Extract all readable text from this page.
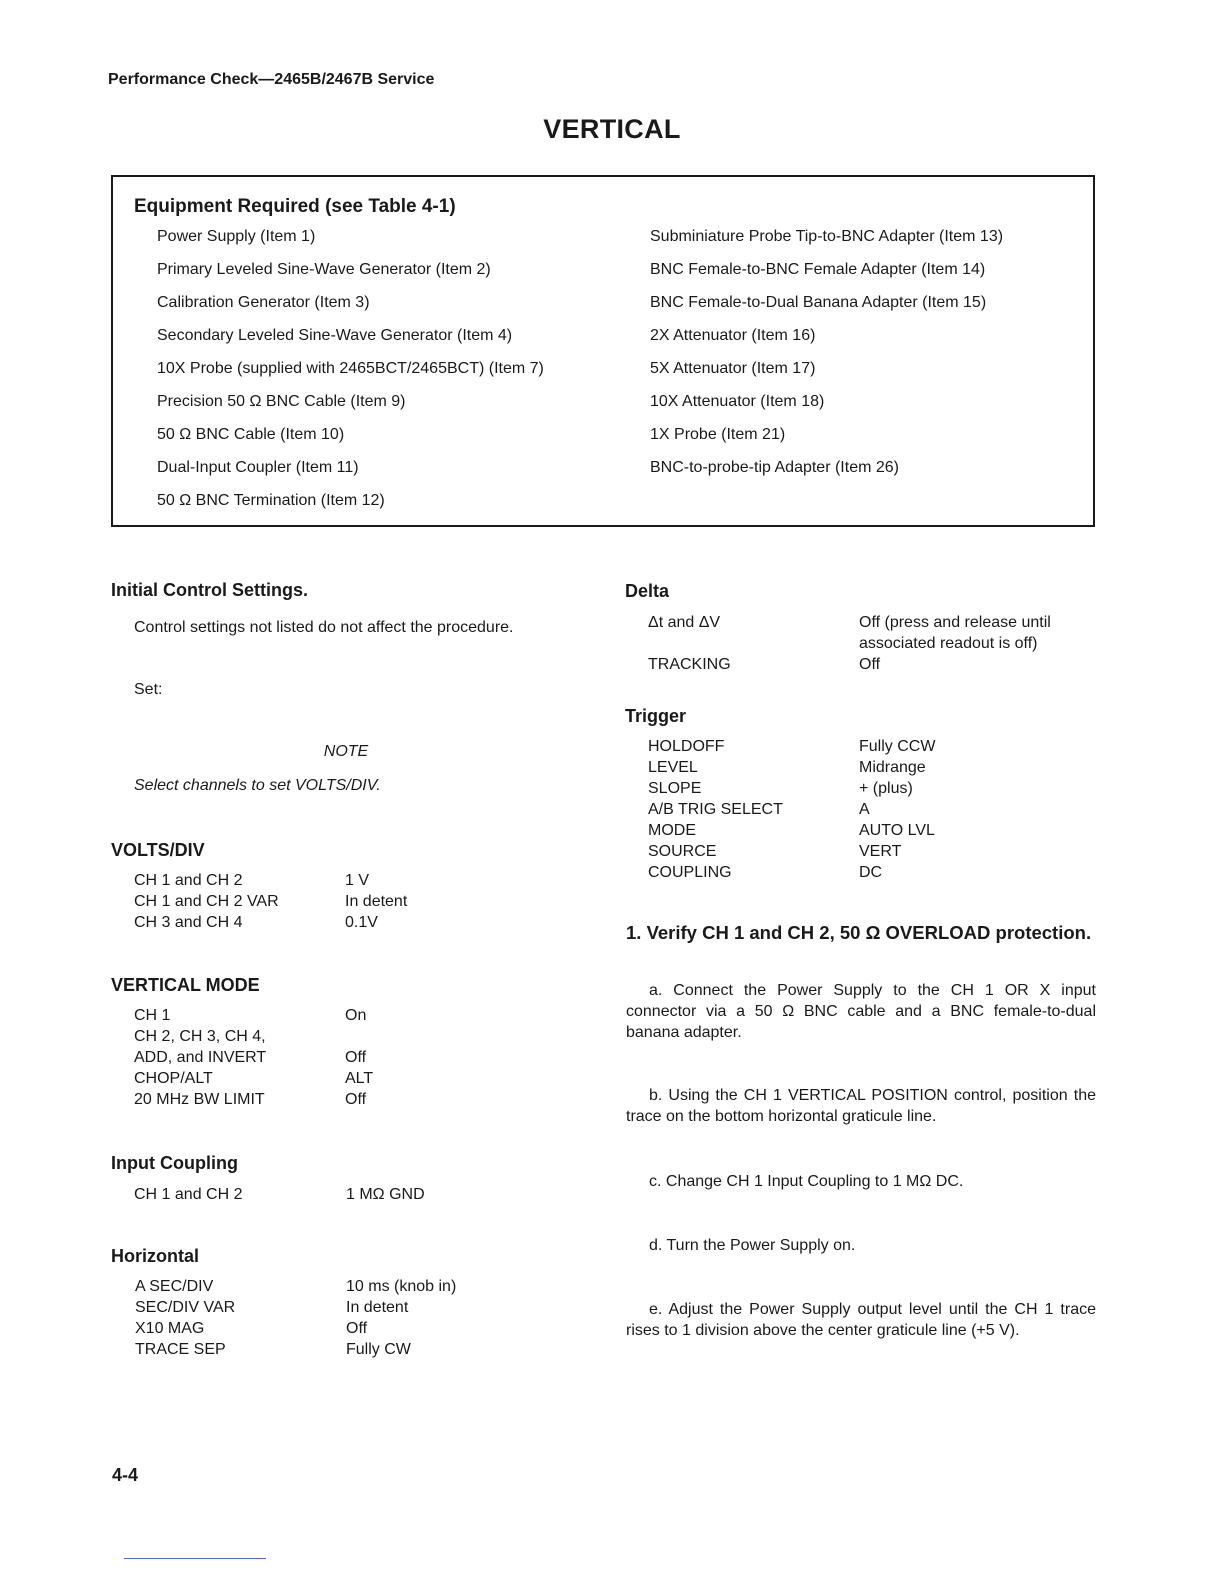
Performance Check—2465B/2467B Service
VERTICAL
Equipment Required (see Table 4-1)
Power Supply (Item 1)
Primary Leveled Sine-Wave Generator (Item 2)
Calibration Generator (Item 3)
Secondary Leveled Sine-Wave Generator (Item 4)
10X Probe (supplied with 2465BCT/2465BCT) (Item 7)
Precision 50 Ω BNC Cable (Item 9)
50 Ω BNC Cable (Item 10)
Dual-Input Coupler (Item 11)
50 Ω BNC Termination (Item 12)
Subminiature Probe Tip-to-BNC Adapter (Item 13)
BNC Female-to-BNC Female Adapter (Item 14)
BNC Female-to-Dual Banana Adapter (Item 15)
2X Attenuator (Item 16)
5X Attenuator (Item 17)
10X Attenuator (Item 18)
1X Probe (Item 21)
BNC-to-probe-tip Adapter (Item 26)
Initial Control Settings.
Control settings not listed do not affect the procedure.
Set:
NOTE
Select channels to set VOLTS/DIV.
VOLTS/DIV
CH 1 and CH 2	1 V
CH 1 and CH 2 VAR	In detent
CH 3 and CH 4	0.1V
VERTICAL MODE
CH 1	On
CH 2, CH 3, CH 4,
ADD, and INVERT	Off
CHOP/ALT	ALT
20 MHz BW LIMIT	Off
Input Coupling
CH 1 and CH 2	1 MΩ GND
Horizontal
A SEC/DIV	10 ms (knob in)
SEC/DIV VAR	In detent
X10 MAG	Off
TRACE SEP	Fully CW
Delta
Δt and ΔV	Off (press and release until
associated readout is off)
TRACKING	Off
Trigger
HOLDOFF	Fully CCW
LEVEL	Midrange
SLOPE	+ (plus)
A/B TRIG SELECT	A
MODE	AUTO LVL
SOURCE	VERT
COUPLING	DC
1. Verify CH 1 and CH 2, 50 Ω OVERLOAD protection.
a. Connect the Power Supply to the CH 1 OR X input connector via a 50 Ω BNC cable and a BNC female-to-dual banana adapter.
b. Using the CH 1 VERTICAL POSITION control, position the trace on the bottom horizontal graticule line.
c. Change CH 1 Input Coupling to 1 MΩ DC.
d. Turn the Power Supply on.
e. Adjust the Power Supply output level until the CH 1 trace rises to 1 division above the center graticule line (+5 V).
4-4
